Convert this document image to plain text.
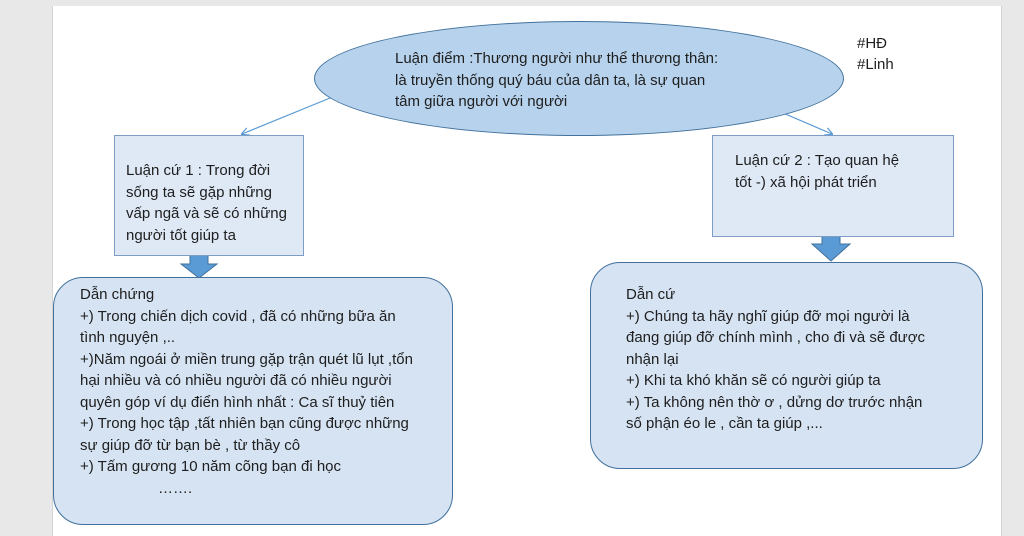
Luận điểm :Thương người như thể thương thân:
là truyền thống quý báu của dân ta, là sự quan
tâm giữa người với người
#HĐ
#Linh
Luận cứ 1 : Trong đời
sống ta sẽ gặp những
vấp ngã và sẽ có những
người tốt giúp ta
Luận cứ 2 : Tạo quan hệ
tốt -) xã hội phát triển
Dẫn chứng
+) Trong chiến dịch covid , đã có những bữa ăn
tình nguyện ,..
+)Năm ngoái ở miền trung gặp trận quét lũ lụt ,tổn
hại nhiều và có nhiều người đã có nhiều người
quyên góp ví dụ điển hình nhất : Ca sĩ thuỷ tiên
+) Trong học tập ,tất nhiên bạn cũng được những
sự giúp đỡ từ bạn bè , từ thầy cô
+) Tấm gương 10 năm cõng bạn đi học
…….
Dẫn cứ
+) Chúng ta hãy nghĩ giúp đỡ mọi người là
đang giúp đỡ chính mình , cho đi và sẽ được
nhận lại
+) Khi ta khó khăn sẽ có người giúp ta
+) Ta không nên thờ ơ , dửng dơ trước nhận
số phận éo le , cần ta giúp ,...
